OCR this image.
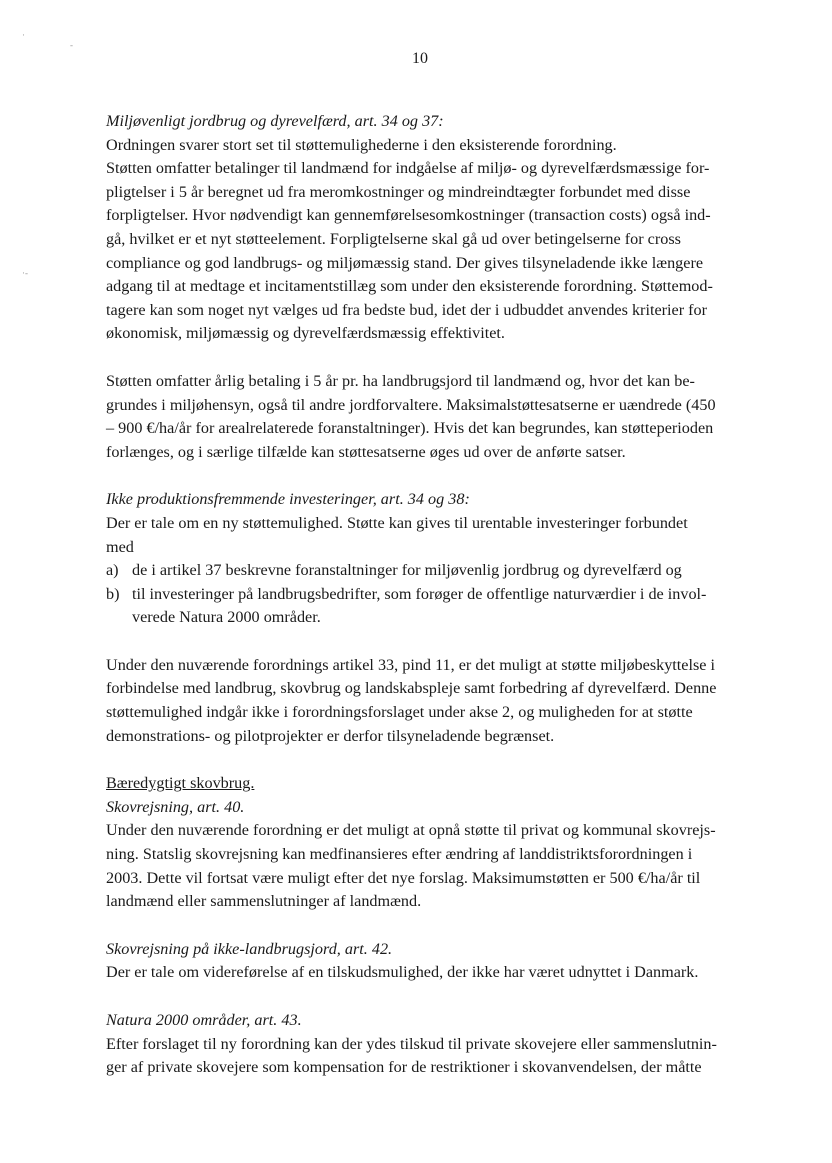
10
·
-
·-

Miljøvenligt jordbrug og dyrevelfærd, art. 34 og 37:

Ordningen svarer stort set til støttemulighederne i den eksisterende forordning.

Støtten omfatter betalinger til landmænd for indgåelse af miljø- og dyrevelfærdsmæssige for-

pligtelser i 5 år beregnet ud fra meromkostninger og mindreindtægter forbundet med disse

forpligtelser. Hvor nødvendigt kan gennemførelsesomkostninger (transaction costs) også ind-

gå, hvilket er et nyt støtteelement. Forpligtelserne skal gå ud over betingelserne for cross

compliance og god landbrugs- og miljømæssig stand. Der gives tilsyneladende ikke længere

adgang til at medtage et incitamentstillæg som under den eksisterende forordning. Støttemod-

tagere kan som noget nyt vælges ud fra bedste bud, idet der i udbuddet anvendes kriterier for

økonomisk, miljømæssig og dyrevelfærdsmæssig effektivitet.

Støtten omfatter årlig betaling i 5 år pr. ha landbrugsjord til landmænd og, hvor det kan be-

grundes i miljøhensyn, også til andre jordforvaltere. Maksimalstøttesatserne er uændrede (450

– 900 €/ha/år for arealrelaterede foranstaltninger). Hvis det kan begrundes, kan støtteperioden

forlænges, og i særlige tilfælde kan støttesatserne øges ud over de anførte satser.

Ikke produktionsfremmende investeringer, art. 34 og 38:

Der er tale om en ny støttemulighed. Støtte kan gives til urentable investeringer forbundet

med

a) de i artikel 37 beskrevne foranstaltninger for miljøvenlig jordbrug og dyrevelfærd og
b) til investeringer på landbrugsbedrifter, som forøger de offentlige naturværdier i de invol-
verede Natura 2000 områder.

Under den nuværende forordnings artikel 33, pind 11, er det muligt at støtte miljøbeskyttelse i

forbindelse med landbrug, skovbrug og landskabspleje samt forbedring af dyrevelfærd. Denne

støttemulighed indgår ikke i forordningsforslaget under akse 2, og muligheden for at støtte

demonstrations- og pilotprojekter er derfor tilsyneladende begrænset.

Bæredygtigt skovbrug.

Skovrejsning, art. 40.

Under den nuværende forordning er det muligt at opnå støtte til privat og kommunal skovrejs-

ning. Statslig skovrejsning kan medfinansieres efter ændring af landdistriktsforordningen i

2003. Dette vil fortsat være muligt efter det nye forslag. Maksimumstøtten er 500 €/ha/år til

landmænd eller sammenslutninger af landmænd.

Skovrejsning på ikke-landbrugsjord, art. 42.

Der er tale om videreførelse af en tilskudsmulighed, der ikke har været udnyttet i Danmark.

Natura 2000 områder, art. 43.

Efter forslaget til ny forordning kan der ydes tilskud til private skovejere eller sammenslutnin-

ger af private skovejere som kompensation for de restriktioner i skovanvendelsen, der måtte
